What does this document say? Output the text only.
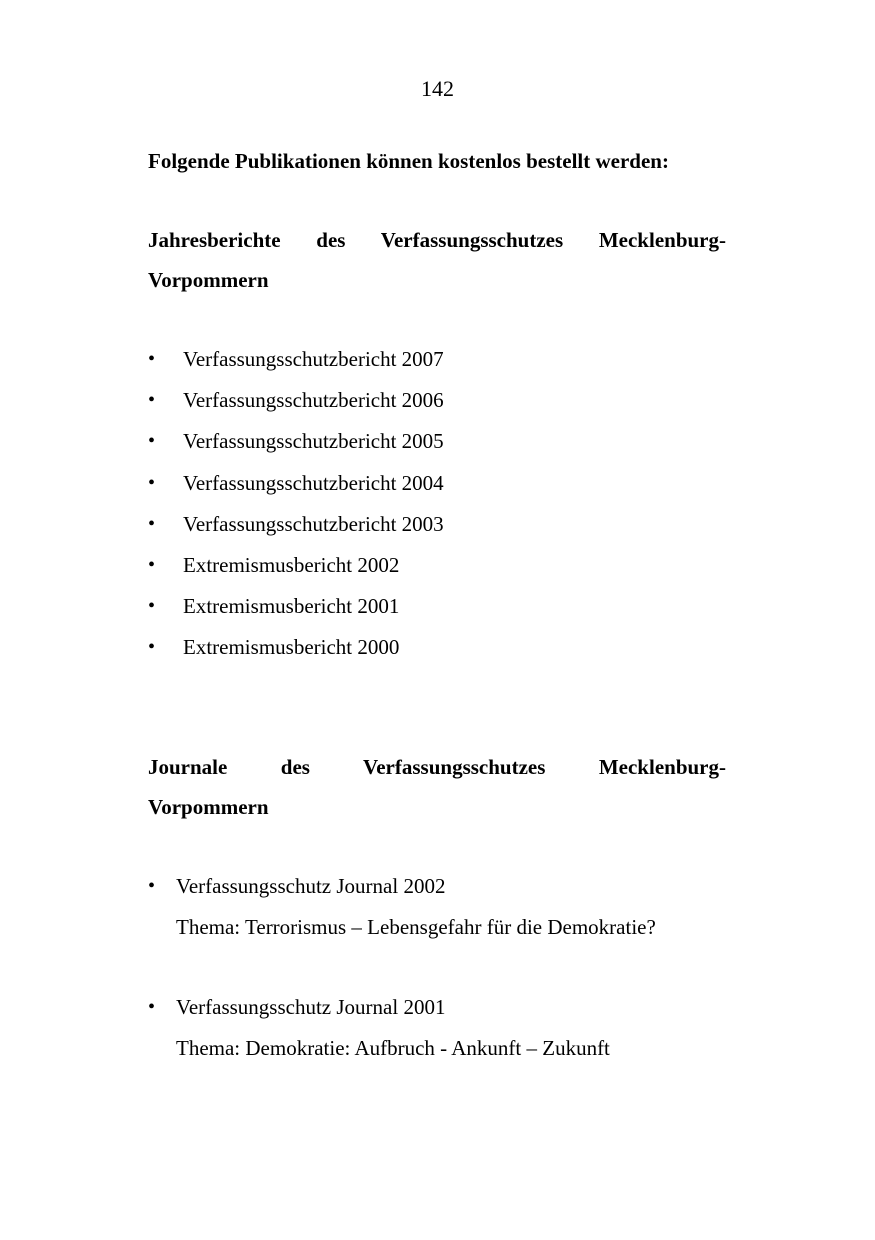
142

Folgende Publikationen können kostenlos bestellt werden:

Jahresberichte des Verfassungsschutzes Mecklenburg-
Vorpommern

• Verfassungsschutzbericht 2007
• Verfassungsschutzbericht 2006
• Verfassungsschutzbericht 2005
• Verfassungsschutzbericht 2004
• Verfassungsschutzbericht 2003
• Extremismusbericht 2002
• Extremismusbericht 2001
• Extremismusbericht 2000

Journale des Verfassungsschutzes Mecklenburg-
Vorpommern

• Verfassungsschutz Journal 2002
Thema: Terrorismus – Lebensgefahr für die Demokratie?
• Verfassungsschutz Journal 2001
Thema: Demokratie: Aufbruch - Ankunft – Zukunft
